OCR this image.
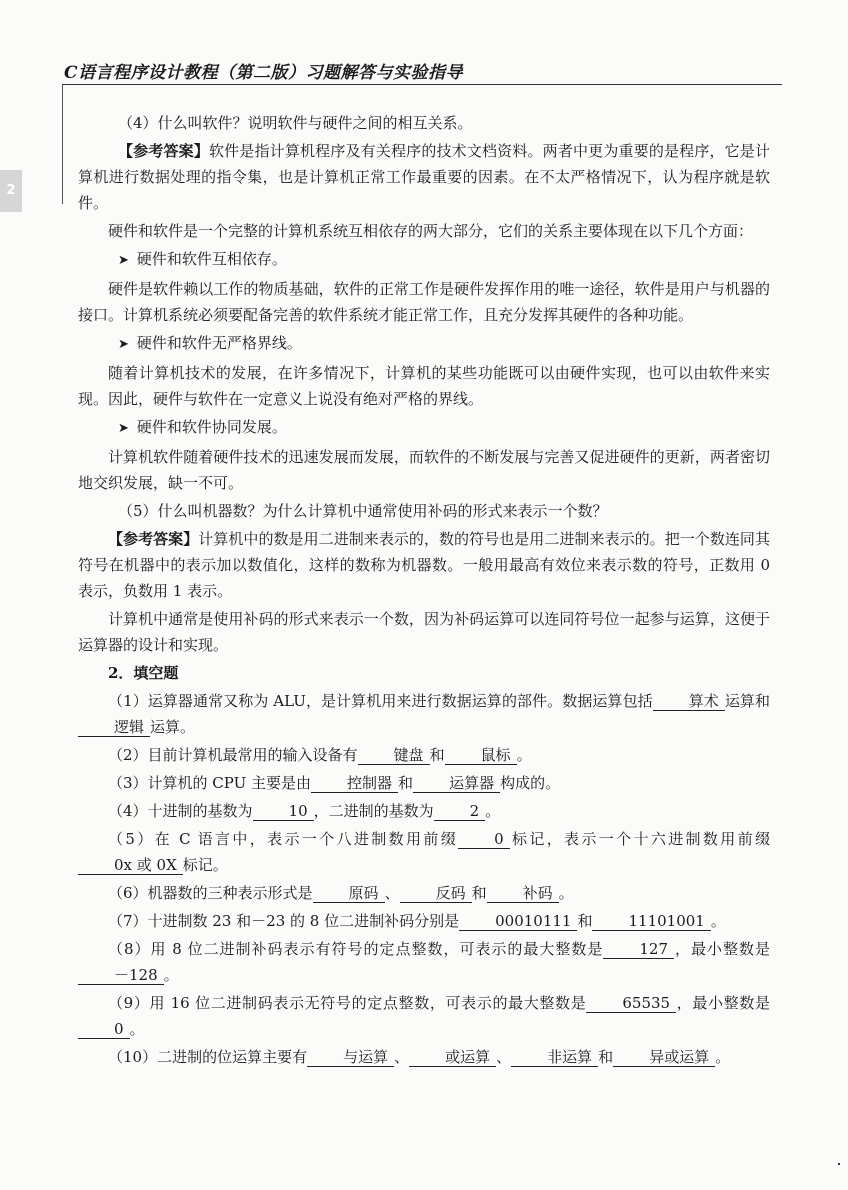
C语言程序设计教程（第二版）习题解答与实验指导
2

（4）什么叫软件？说明软件与硬件之间的相互关系。

【参考答案】软件是指计算机程序及有关程序的技术文档资料。两者中更为重要的是程序，它是计算机进行数据处理的指令集，也是计算机正常工作最重要的因素。在不太严格情况下，认为程序就是软件。

硬件和软件是一个完整的计算机系统互相依存的两大部分，它们的关系主要体现在以下几个方面：

➤ 硬件和软件互相依存。

硬件是软件赖以工作的物质基础，软件的正常工作是硬件发挥作用的唯一途径，软件是用户与机器的接口。计算机系统必须要配备完善的软件系统才能正常工作，且充分发挥其硬件的各种功能。

➤ 硬件和软件无严格界线。

随着计算机技术的发展，在许多情况下，计算机的某些功能既可以由硬件实现，也可以由软件来实现。因此，硬件与软件在一定意义上说没有绝对严格的界线。

➤ 硬件和软件协同发展。

计算机软件随着硬件技术的迅速发展而发展，而软件的不断发展与完善又促进硬件的更新，两者密切地交织发展，缺一不可。

（5）什么叫机器数？为什么计算机中通常使用补码的形式来表示一个数？

【参考答案】计算机中的数是用二进制来表示的，数的符号也是用二进制来表示的。把一个数连同其符号在机器中的表示加以数值化，这样的数称为机器数。一般用最高有效位来表示数的符号，正数用 0 表示，负数用 1 表示。

计算机中通常是使用补码的形式来表示一个数，因为补码运算可以连同符号位一起参与运算，这便于运算器的设计和实现。

2．填空题

（1）运算器通常又称为 ALU，是计算机用来进行数据运算的部件。数据运算包括 算术 运算和逻辑 运算。

（2）目前计算机最常用的输入设备有 键盘 和 鼠标 。

（3）计算机的 CPU 主要是由 控制器 和 运算器 构成的。

（4）十进制的基数为 10 ，二进制的基数为 2 。

（5）在 C 语言中，表示一个八进制数用前缀 0 标记，表示一个十六进制数用前缀0x 或 0X 标记。

（6）机器数的三种表示形式是 原码 、 反码 和 补码 。

（7）十进制数 23 和－23 的 8 位二进制补码分别是 00010111 和 11101001 。

（8）用 8 位二进制补码表示有符号的定点整数，可表示的最大整数是 127 ，最小整数是－128 。

（9）用 16 位二进制码表示无符号的定点整数，可表示的最大整数是 65535 ，最小整数是0 。

（10）二进制的位运算主要有 与运算 、 或运算 、 非运算 和 异或运算 。
